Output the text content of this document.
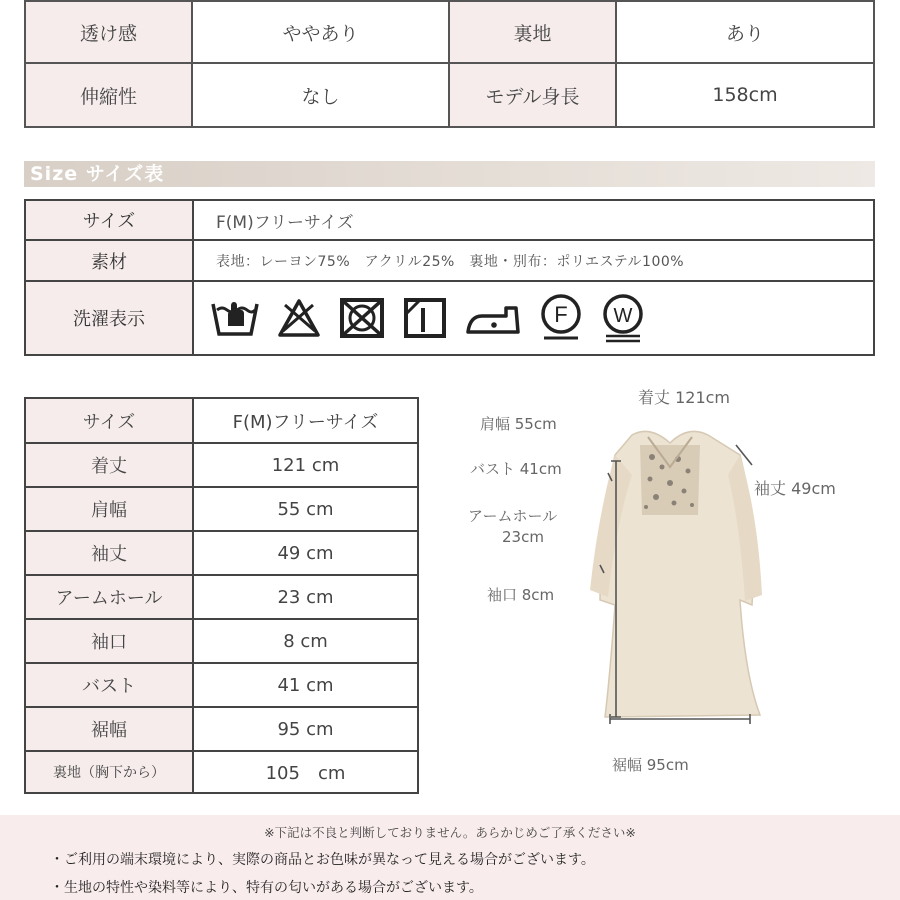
透け感	ややあり	裏地	あり
伸縮性	なし	モデル身長	158cm
Size サイズ表
サイズ	F(M)フリーサイズ
素材	表地：レーヨン75%　アクリル25%　裏地・別布：ポリエステル100%
洗濯表示	F W
サイズ	F(M)フリーサイズ
着丈	121 cm
肩幅	55 cm
袖丈	49 cm
アームホール	23 cm
袖口	8 cm
バスト	41 cm
裾幅	95 cm
裏地（胸下から）	105　cm
着丈 121cm
肩幅 55cm
バスト 41cm
アームホール
23cm
袖口 8cm
袖丈 49cm
裾幅 95cm
※下記は不良と判断しておりません。あらかじめご了承ください※
・ご利用の端末環境により、実際の商品とお色味が異なって見える場合がございます。
・生地の特性や染料等により、特有の匂いがある場合がございます。
